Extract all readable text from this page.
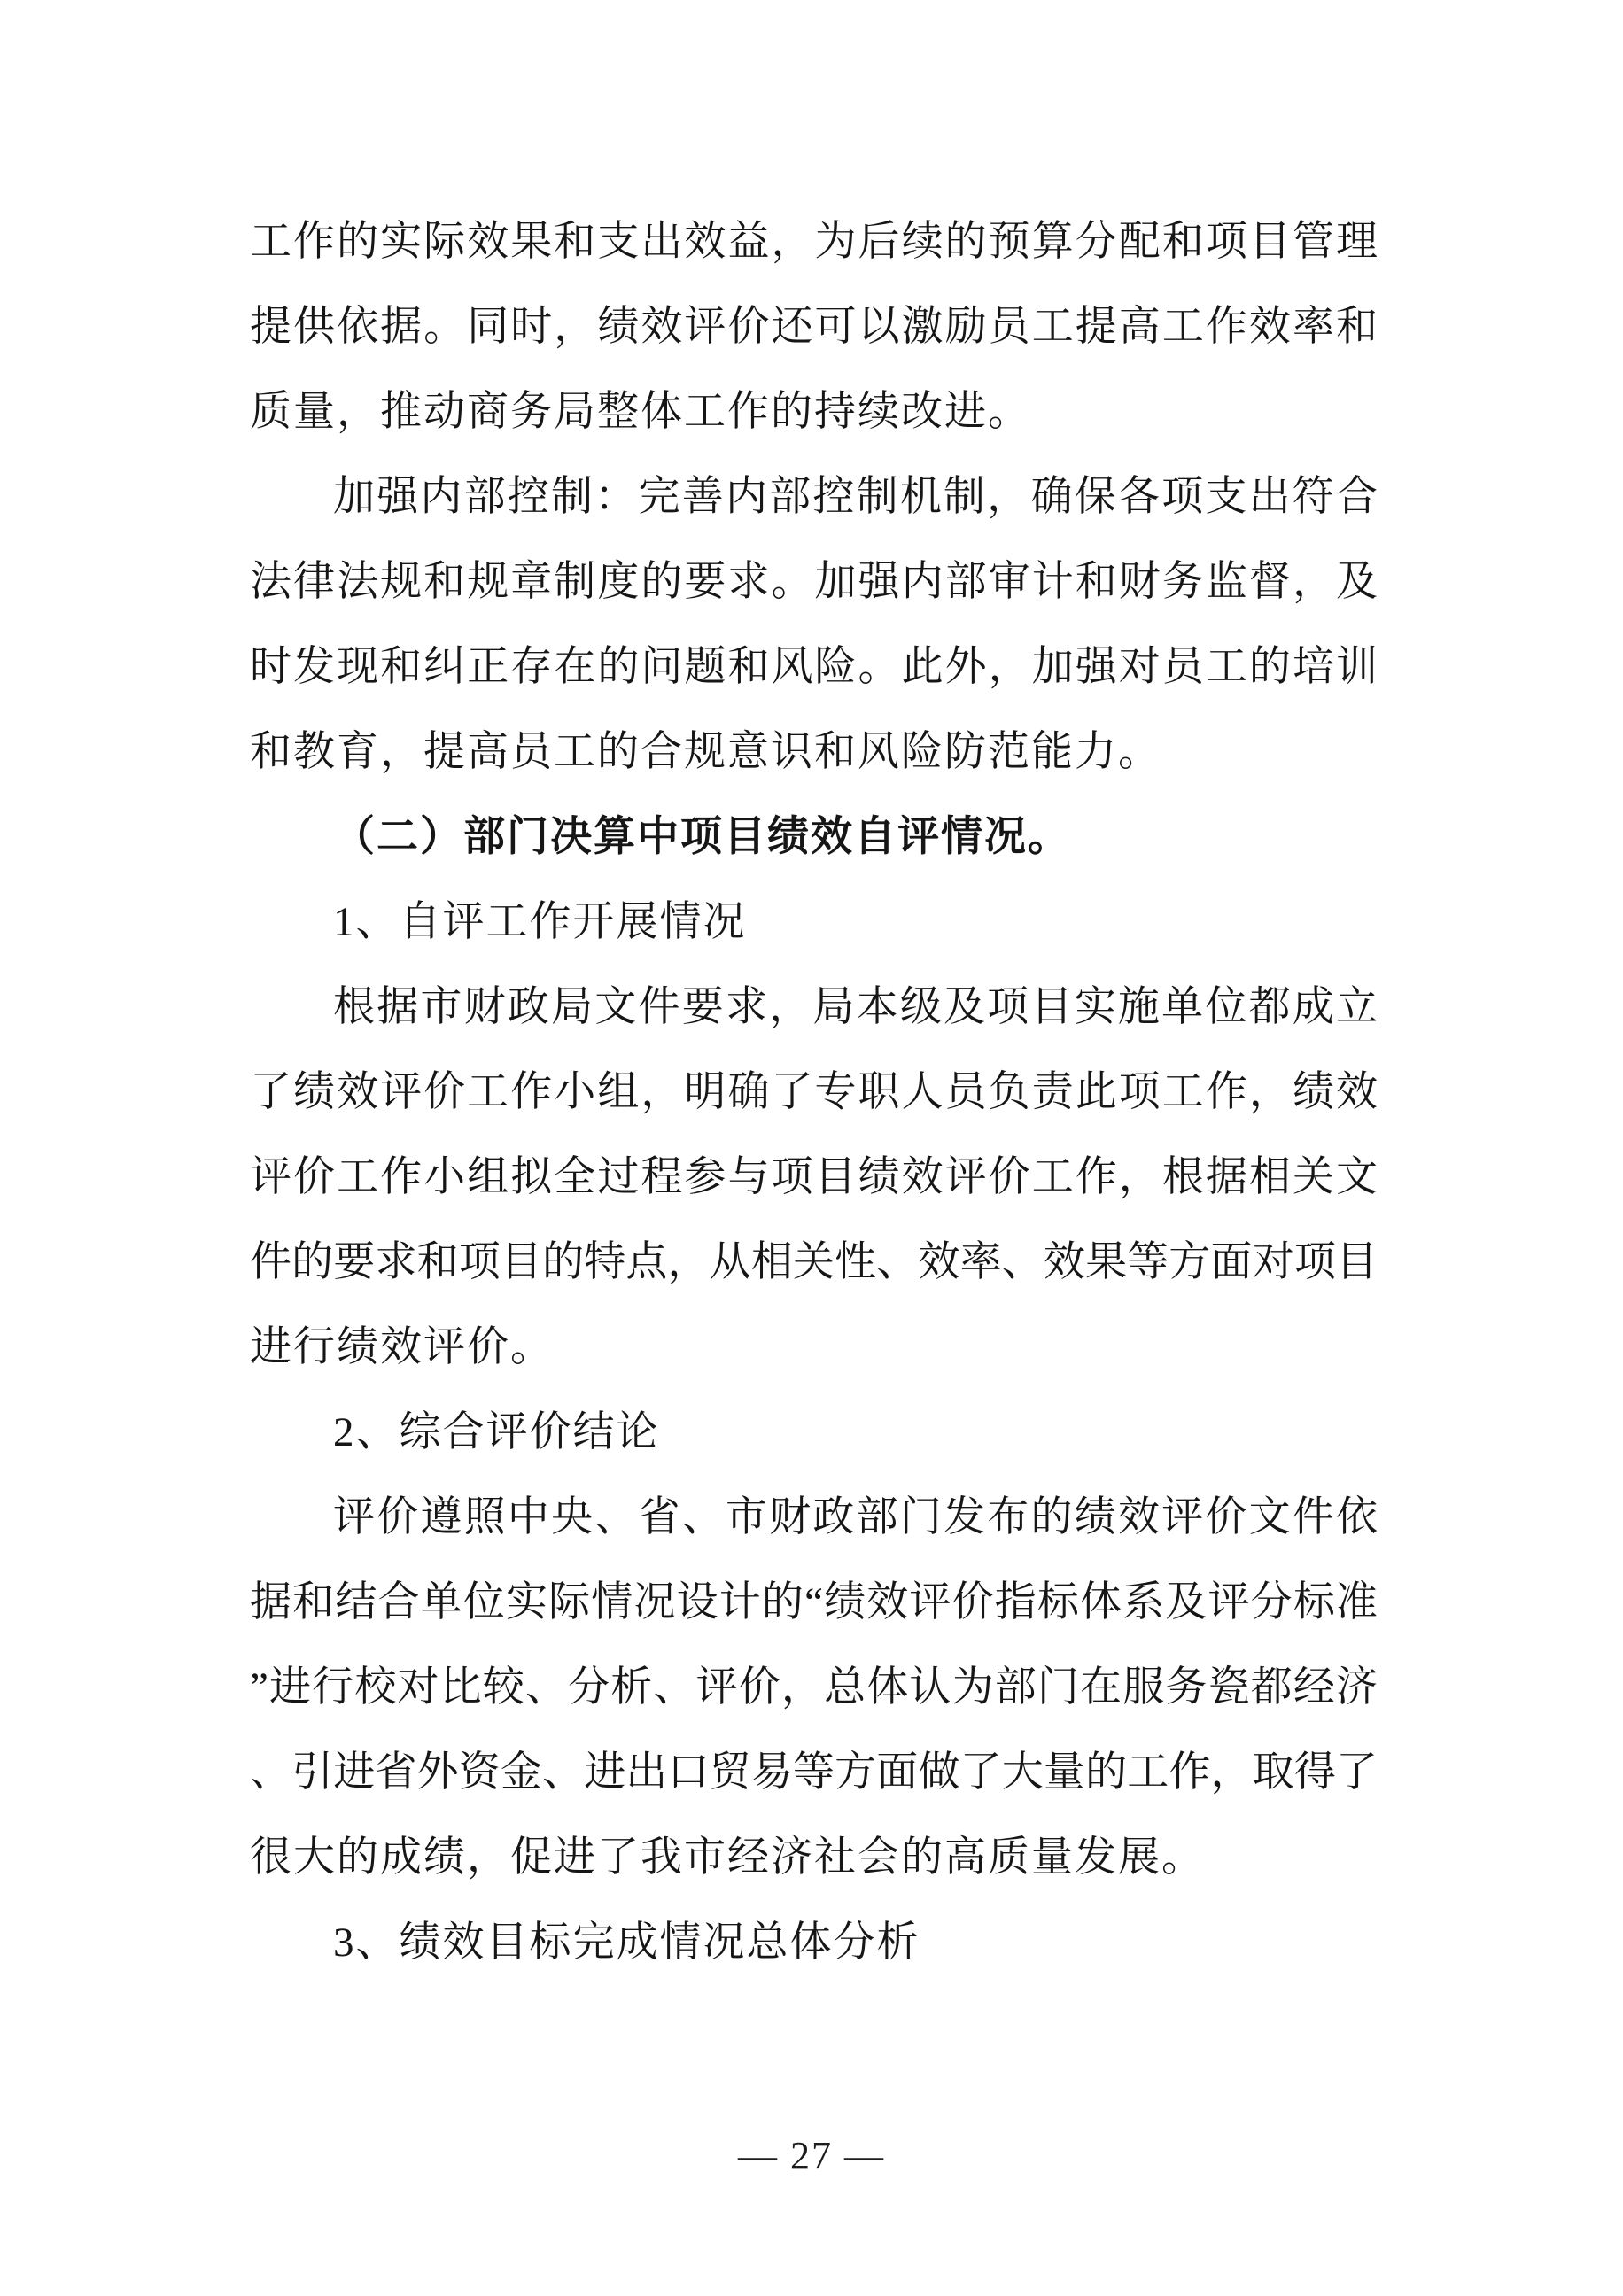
工作的实际效果和支出效益，为后续的预算分配和项目管理
提供依据。同时，绩效评价还可以激励员工提高工作效率和
质量，推动商务局整体工作的持续改进。
加强内部控制：完善内部控制机制，确保各项支出符合
法律法规和规章制度的要求。加强内部审计和财务监督，及
时发现和纠正存在的问题和风险。此外，加强对员工的培训
和教育，提高员工的合规意识和风险防范能力。
（二）部门决算中项目绩效自评情况。
1、自评工作开展情况
根据市财政局文件要求，局本级及项目实施单位都成立
了绩效评价工作小组，明确了专职人员负责此项工作，绩效
评价工作小组拟全过程参与项目绩效评价工作，根据相关文
件的要求和项目的特点，从相关性、效率、效果等方面对项目
进行绩效评价。
2、综合评价结论
评价遵照中央、省、市财政部门发布的绩效评价文件依
据和结合单位实际情况设计的“绩效评价指标体系及评分标准
”进行校对比较、分析、评价，总体认为部门在服务瓷都经济
、引进省外资金、进出口贸易等方面做了大量的工作，取得了
很大的成绩，促进了我市经济社会的高质量发展。
3、绩效目标完成情况总体分析
— 27 —
